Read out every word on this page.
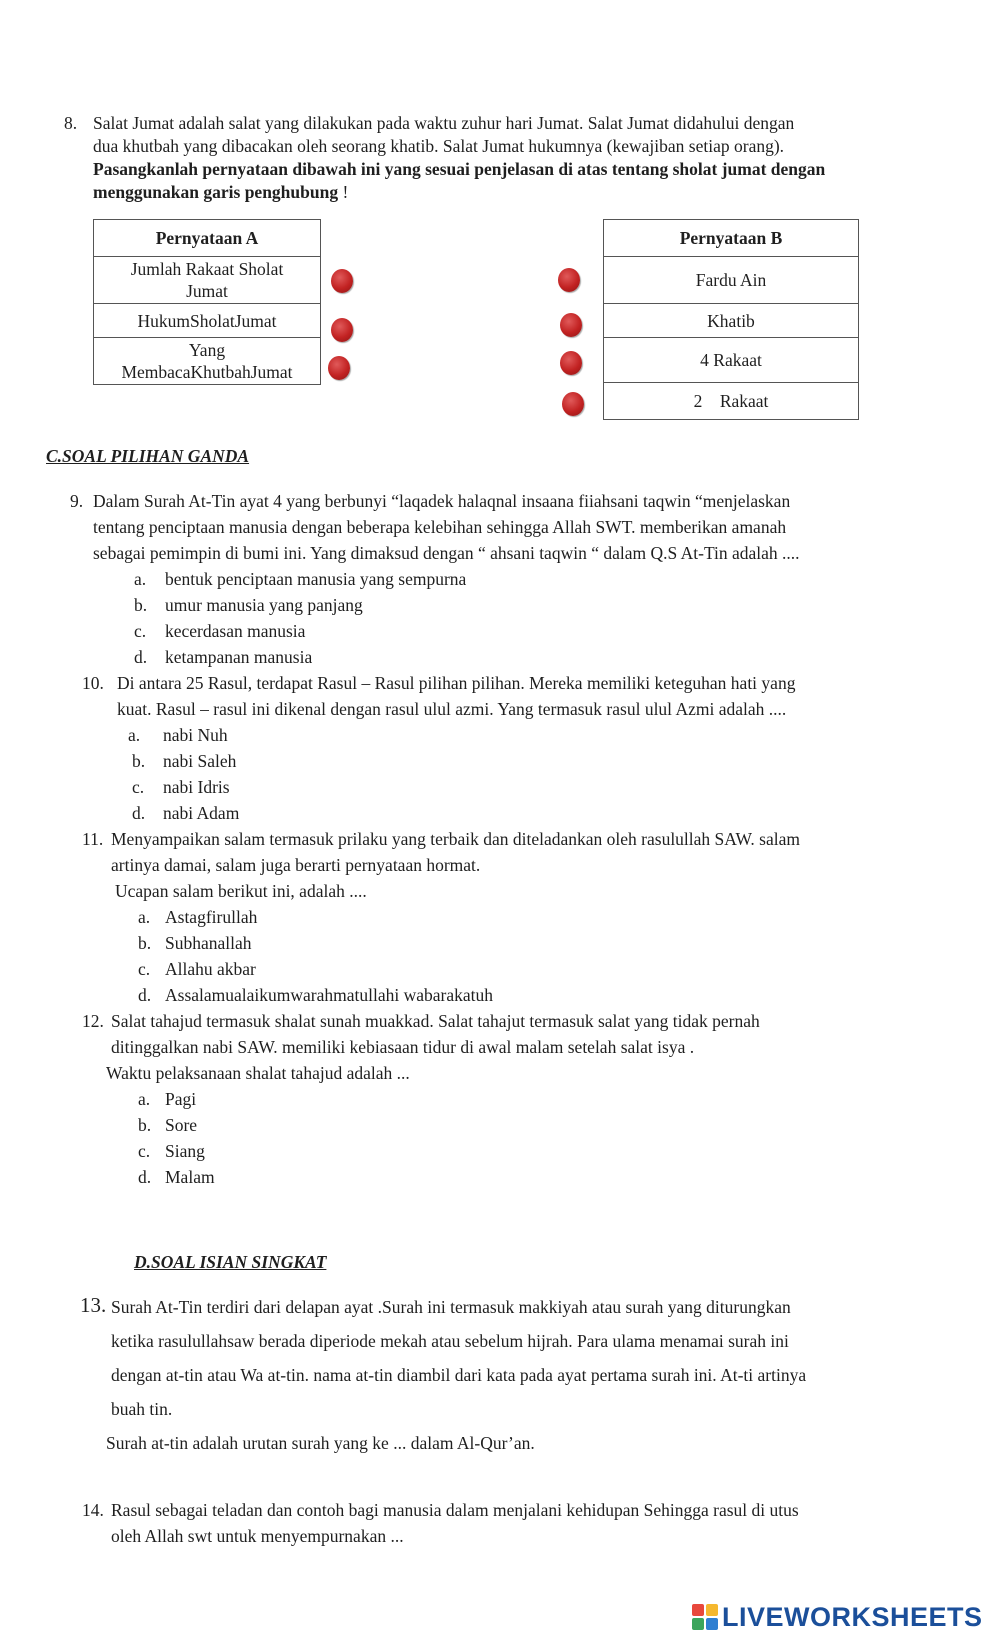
8. Salat Jumat adalah salat yang dilakukan pada waktu zuhur hari Jumat. Salat Jumat didahului dengan
dua khutbah yang dibacakan oleh seorang khatib. Salat Jumat hukumnya (kewajiban setiap orang).
Pasangkanlah pernyataan dibawah ini yang sesuai penjelasan di atas tentang sholat jumat dengan
menggunakan garis penghubung !
Pernyataan A
Jumlah Rakaat Sholat
Jumat
HukumSholatJumat
Yang
MembacaKhutbahJumat
Pernyataan B
Fardu Ain
Khatib
4 Rakaat
2    Rakaat
C.SOAL PILIHAN GANDA
9. Dalam Surah At-Tin ayat 4 yang berbunyi “laqadek halaqnal insaana fiiahsani taqwin “menjelaskan
tentang penciptaan manusia dengan beberapa kelebihan sehingga Allah SWT. memberikan amanah
sebagai pemimpin di bumi ini. Yang dimaksud dengan “ ahsani taqwin “ dalam Q.S At-Tin adalah ....
a. bentuk penciptaan manusia yang sempurna
b. umur manusia yang panjang
c. kecerdasan manusia
d. ketampanan manusia
10. Di antara 25 Rasul, terdapat Rasul – Rasul pilihan pilihan. Mereka memiliki keteguhan hati yang
kuat. Rasul – rasul ini dikenal dengan rasul ulul azmi. Yang termasuk rasul ulul Azmi adalah ....
a. nabi Nuh
b. nabi Saleh
c. nabi Idris
d. nabi Adam
11. Menyampaikan salam termasuk prilaku yang terbaik dan diteladankan oleh rasulullah SAW. salam
artinya damai, salam juga berarti pernyataan hormat.
Ucapan salam berikut ini, adalah ....
a. Astagfirullah
b. Subhanallah
c. Allahu akbar
d. Assalamualaikumwarahmatullahi wabarakatuh
12. Salat tahajud termasuk shalat sunah muakkad. Salat tahajut termasuk salat yang tidak pernah
ditinggalkan nabi SAW. memiliki kebiasaan tidur di awal malam setelah salat isya .
Waktu pelaksanaan shalat tahajud adalah ...
a. Pagi
b. Sore
c. Siang
d. Malam
D.SOAL ISIAN SINGKAT
13. Surah At-Tin terdiri dari delapan ayat .Surah ini termasuk makkiyah atau surah yang diturungkan
ketika rasulullahsaw berada diperiode mekah atau sebelum hijrah. Para ulama menamai surah ini
dengan at-tin atau Wa at-tin. nama at-tin diambil dari kata pada ayat pertama surah ini. At-ti artinya
buah tin.
Surah at-tin adalah urutan surah yang ke ... dalam Al-Qur’an.
14. Rasul sebagai teladan dan contoh bagi manusia dalam menjalani kehidupan Sehingga rasul di utus
oleh Allah swt untuk menyempurnakan ...
LIVEWORKSHEETS
